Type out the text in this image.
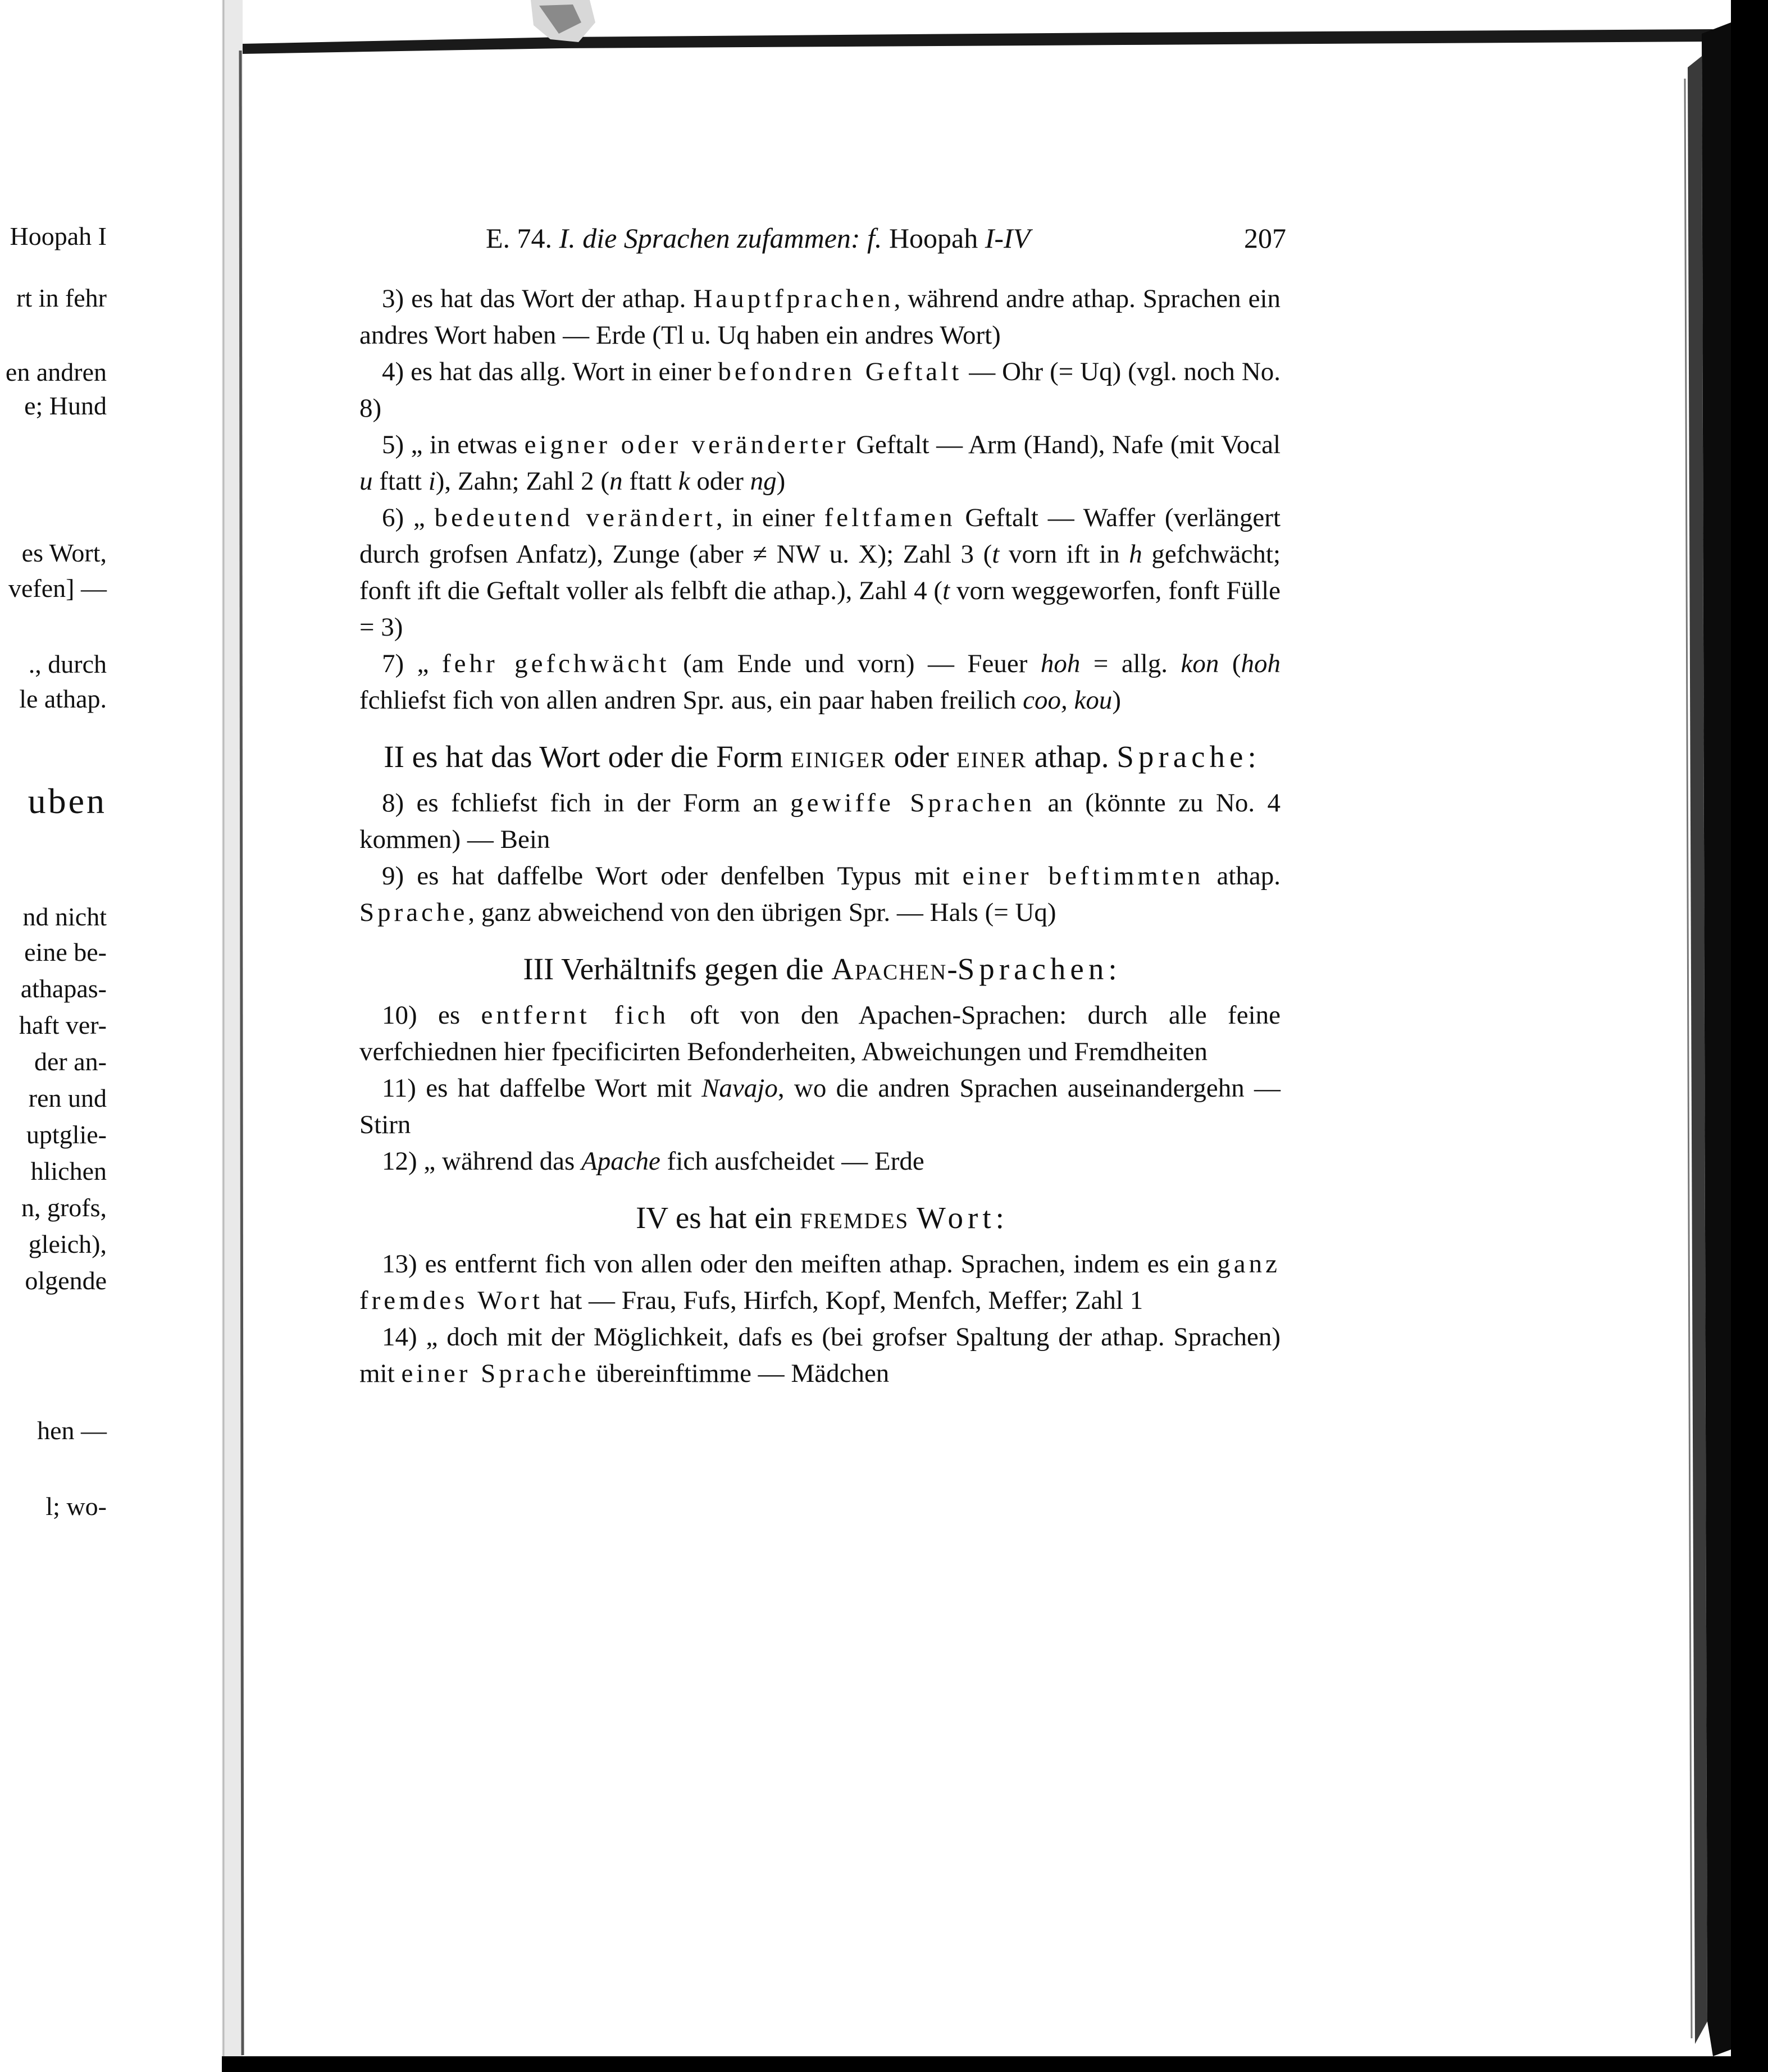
Hoopah I
rt in fehr
en andren
e; Hund
es Wort,
vefen] —
., durch
le athap.
uben
nd nicht
eine be-
athapas-
haft ver-
der an-
ren und
uptglie-
hlichen
n, grofs,
gleich),
olgende
hen —
l; wo-
E. 74. I. die Sprachen zufammen: f. Hoopah I-IV	207

3) es hat das Wort der athap. Hauptfprachen, während andre athap. Sprachen ein andres Wort haben — Erde (Tl u. Uq haben ein andres Wort)

4) es hat das allg. Wort in einer befondren Geftalt — Ohr (= Uq) (vgl. noch No. 8)

5) „ in etwas eigner oder veränderter Geftalt — Arm (Hand), Nafe (mit Vocal u ftatt i), Zahn; Zahl 2 (n ftatt k oder ng)

6) „ bedeutend verändert, in einer feltfamen Geftalt — Waffer (verlängert durch grofsen Anfatz), Zunge (aber ≠ NW u. X); Zahl 3 (t vorn ift in h gefchwächt; fonft ift die Geftalt voller als felbft die athap.), Zahl 4 (t vorn weggeworfen, fonft Fülle = 3)

7) „ fehr gefchwächt (am Ende und vorn) — Feuer hoh = allg. kon (hoh fchliefst fich von allen andren Spr. aus, ein paar haben freilich coo, kou)

II es hat das Wort oder die Form einiger oder einer athap. Sprache:

8) es fchliefst fich in der Form an gewiffe Sprachen an (könnte zu No. 4 kommen) — Bein

9) es hat daffelbe Wort oder denfelben Typus mit einer beftimmten athap. Sprache, ganz abweichend von den übrigen Spr. — Hals (= Uq)

III Verhältnifs gegen die Apachen-Sprachen:

10) es entfernt fich oft von den Apachen-Sprachen: durch alle feine verfchiednen hier fpecificirten Befonderheiten, Abweichungen und Fremdheiten

11) es hat daffelbe Wort mit Navajo, wo die andren Sprachen auseinandergehn — Stirn

12) „ während das Apache fich ausfcheidet — Erde

IV es hat ein fremdes Wort:

13) es entfernt fich von allen oder den meiften athap. Sprachen, indem es ein ganz fremdes Wort hat — Frau, Fufs, Hirfch, Kopf, Menfch, Meffer; Zahl 1

14) „ doch mit der Möglichkeit, dafs es (bei grofser Spaltung der athap. Sprachen) mit einer Sprache übereinftimme — Mädchen
